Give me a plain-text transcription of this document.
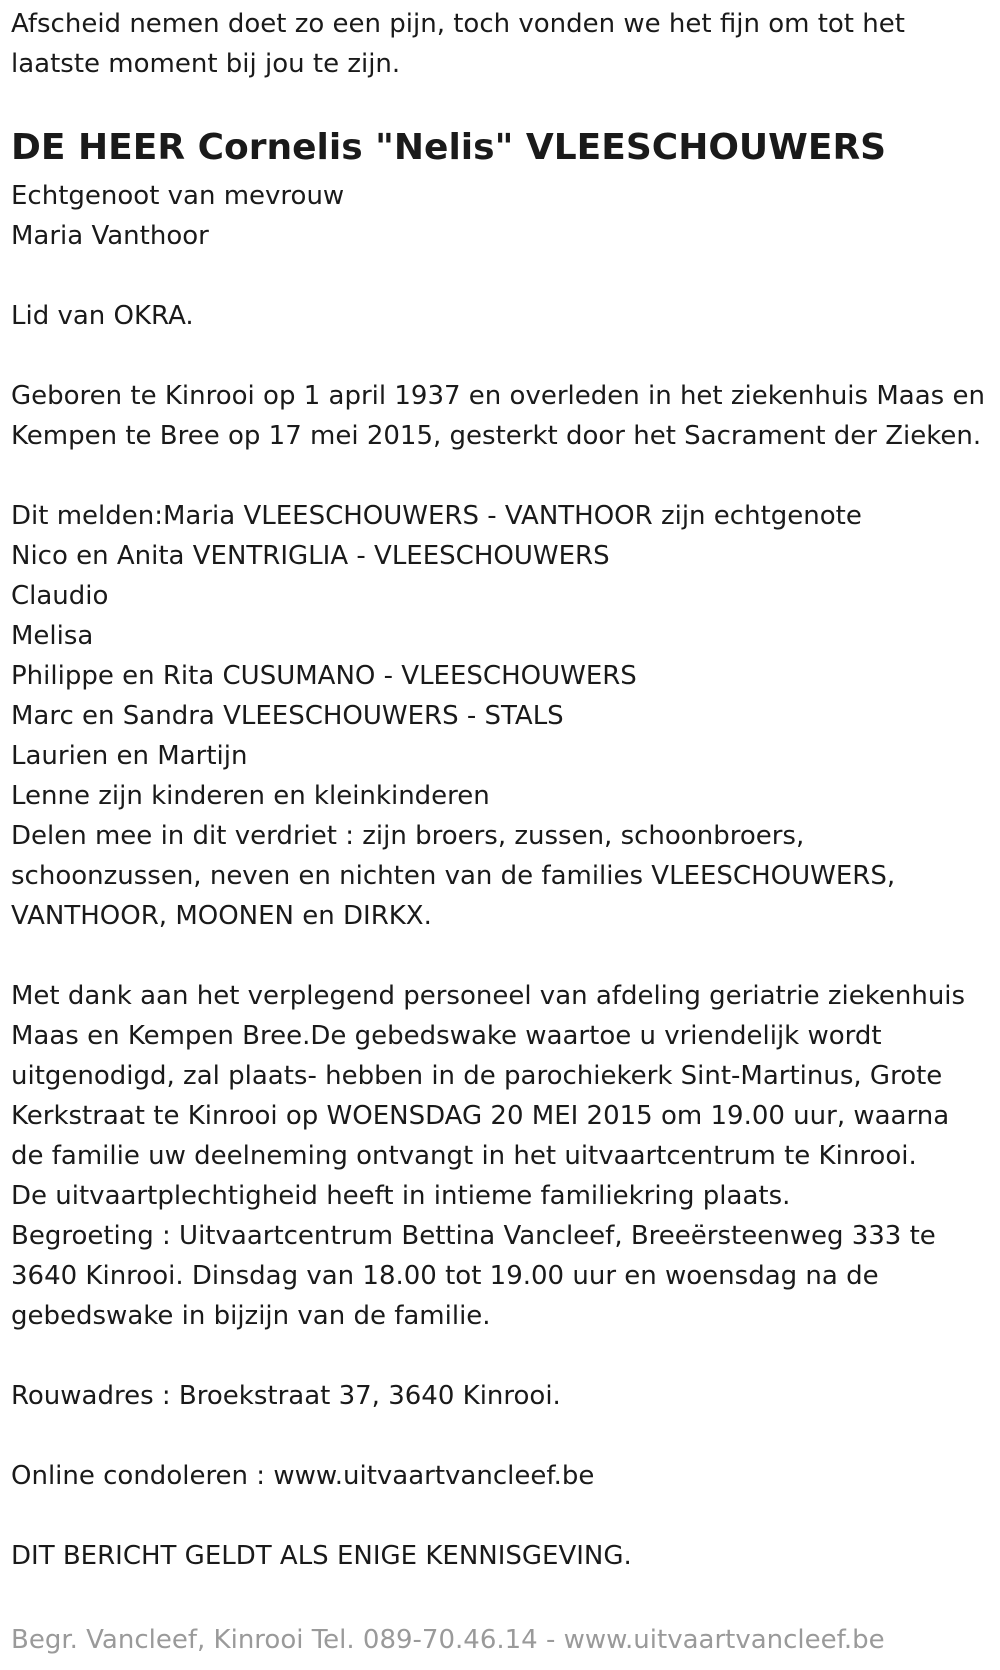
Afscheid nemen doet zo een pijn, toch vonden we het fijn om tot het
laatste moment bij jou te zijn.
DE HEER Cornelis "Nelis" VLEESCHOUWERS
Echtgenoot van mevrouw
Maria Vanthoor
Lid van OKRA.
Geboren te Kinrooi op 1 april 1937 en overleden in het ziekenhuis Maas en
Kempen te Bree op 17 mei 2015, gesterkt door het Sacrament der Zieken.
Dit melden:Maria VLEESCHOUWERS - VANTHOOR zijn echtgenote
Nico en Anita VENTRIGLIA - VLEESCHOUWERS
Claudio
Melisa
Philippe en Rita CUSUMANO - VLEESCHOUWERS
Marc en Sandra VLEESCHOUWERS - STALS
Laurien en Martijn
Lenne zijn kinderen en kleinkinderen
Delen mee in dit verdriet : zijn broers, zussen, schoonbroers,
schoonzussen, neven en nichten van de families VLEESCHOUWERS,
VANTHOOR, MOONEN en DIRKX.
Met dank aan het verplegend personeel van afdeling geriatrie ziekenhuis
Maas en Kempen Bree.De gebedswake waartoe u vriendelijk wordt
uitgenodigd, zal plaats- hebben in de parochiekerk Sint-Martinus, Grote
Kerkstraat te Kinrooi op WOENSDAG 20 MEI 2015 om 19.00 uur, waarna
de familie uw deelneming ontvangt in het uitvaartcentrum te Kinrooi.
De uitvaartplechtigheid heeft in intieme familiekring plaats.
Begroeting : Uitvaartcentrum Bettina Vancleef, Breeërsteenweg 333 te
3640 Kinrooi. Dinsdag van 18.00 tot 19.00 uur en woensdag na de
gebedswake in bijzijn van de familie.
Rouwadres : Broekstraat 37, 3640 Kinrooi.
Online condoleren : www.uitvaartvancleef.be
DIT BERICHT GELDT ALS ENIGE KENNISGEVING.
Begr. Vancleef, Kinrooi Tel. 089-70.46.14 - www.uitvaartvancleef.be
